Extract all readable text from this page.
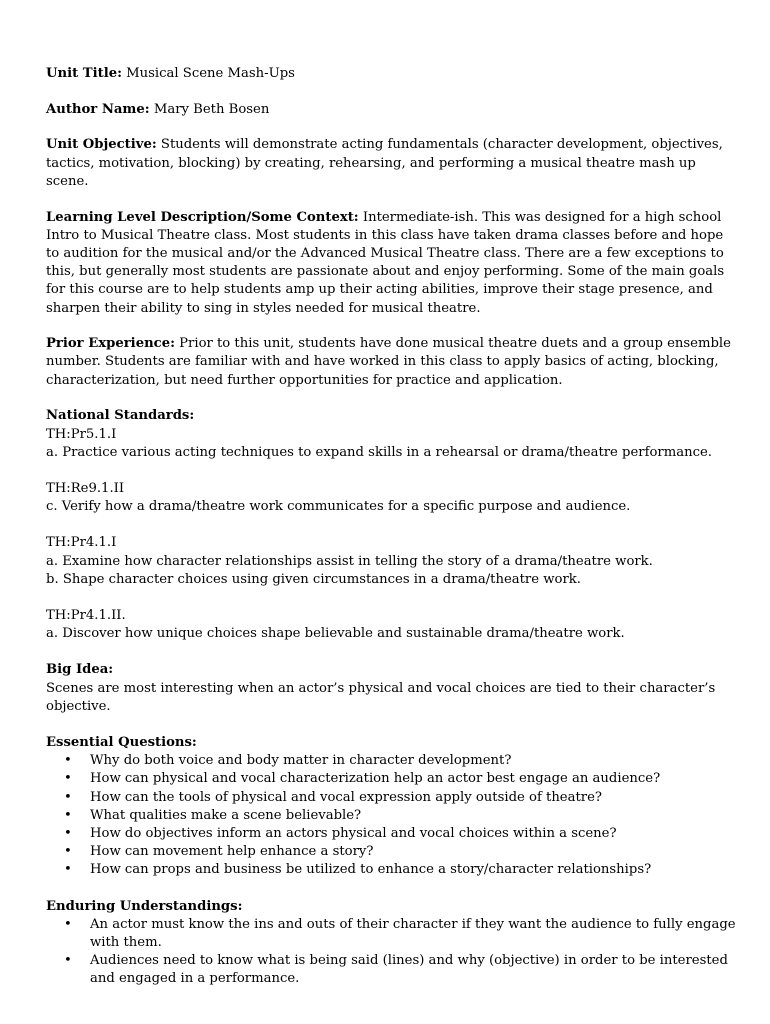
Unit Title: Musical Scene Mash-Ups

Author Name: Mary Beth Bosen

Unit Objective: Students will demonstrate acting fundamentals (character development, objectives, tactics, motivation, blocking) by creating, rehearsing, and performing a musical theatre mash up scene.

Learning Level Description/Some Context: Intermediate-ish. This was designed for a high school Intro to Musical Theatre class. Most students in this class have taken drama classes before and hope to audition for the musical and/or the Advanced Musical Theatre class. There are a few exceptions to this, but generally most students are passionate about and enjoy performing. Some of the main goals for this course are to help students amp up their acting abilities, improve their stage presence, and sharpen their ability to sing in styles needed for musical theatre.

Prior Experience: Prior to this unit, students have done musical theatre duets and a group ensemble number. Students are familiar with and have worked in this class to apply basics of acting, blocking, characterization, but need further opportunities for practice and application.

National Standards:
TH:Pr5.1.I
a. Practice various acting techniques to expand skills in a rehearsal or drama/theatre performance.
TH:Re9.1.II
c. Verify how a drama/theatre work communicates for a specific purpose and audience.
TH:Pr4.1.I
a. Examine how character relationships assist in telling the story of a drama/theatre work.
b. Shape character choices using given circumstances in a drama/theatre work.
TH:Pr4.1.II.
a. Discover how unique choices shape believable and sustainable drama/theatre work.
Big Idea:
Scenes are most interesting when an actor’s physical and vocal choices are tied to their character’s objective.
Essential Questions:
• Why do both voice and body matter in character development?
• How can physical and vocal characterization help an actor best engage an audience?
• How can the tools of physical and vocal expression apply outside of theatre?
• What qualities make a scene believable?
• How do objectives inform an actors physical and vocal choices within a scene?
• How can movement help enhance a story?
• How can props and business be utilized to enhance a story/character relationships?
Enduring Understandings:
• An actor must know the ins and outs of their character if they want the audience to fully engage with them.
• Audiences need to know what is being said (lines) and why (objective) in order to be interested and engaged in a performance.
